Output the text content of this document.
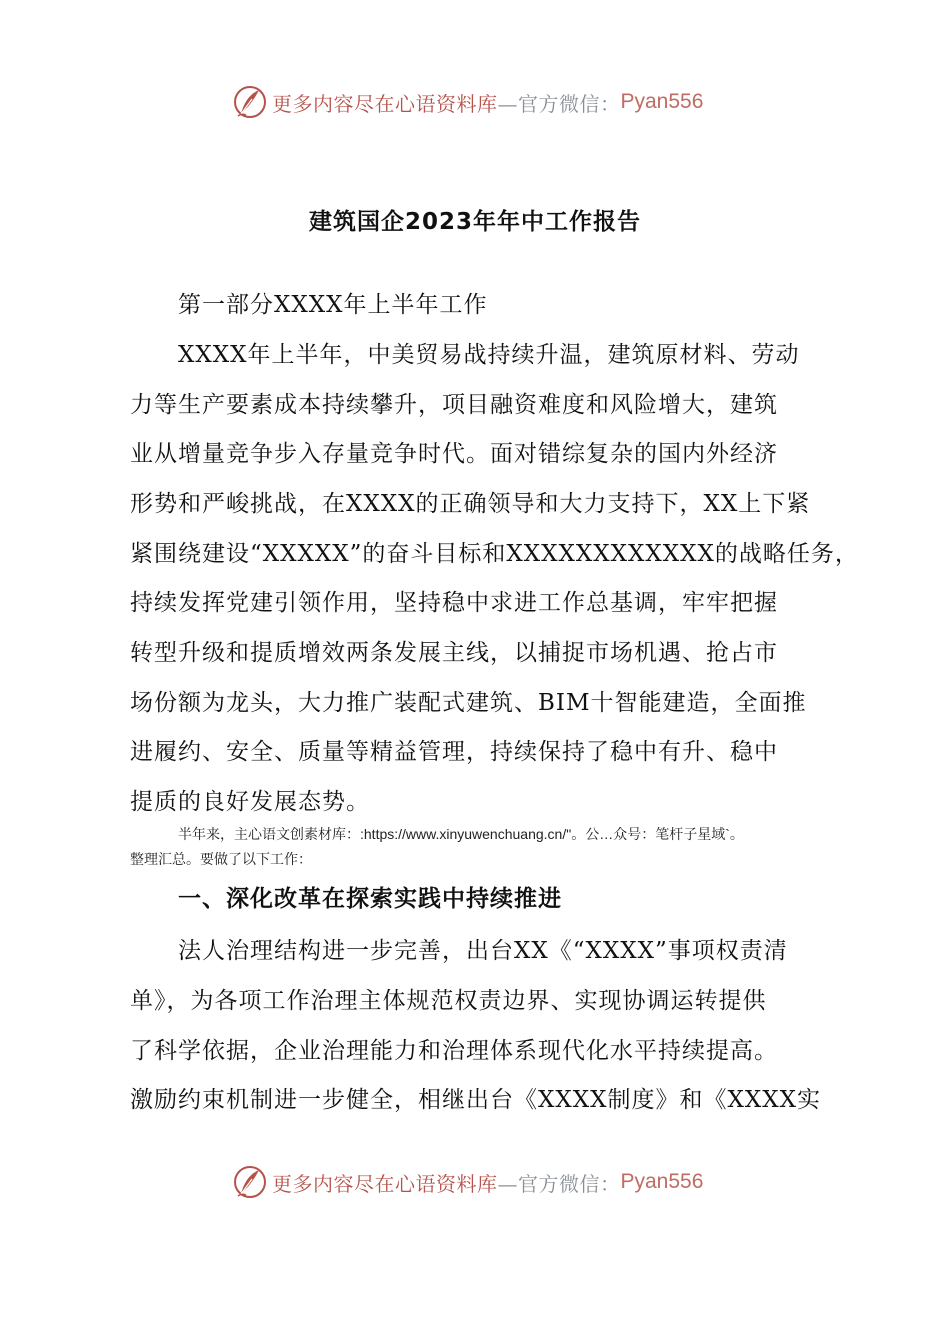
更多内容尽在心语资料库 —官方微信： Pyan556
建筑国企2023年年中工作报告
第一部分XXXX年上半年工作
XXXX年上半年，中美贸易战持续升温，建筑原材料、劳动
力等生产要素成本持续攀升，项目融资难度和风险增大，建筑
业从增量竞争步入存量竞争时代。面对错综复杂的国内外经济
形势和严峻挑战，在XXXX的正确领导和大力支持下，XX上下紧
紧围绕建设“XXXXX”的奋斗目标和XXXXXXXXXXXX的战略任务，
持续发挥党建引领作用，坚持稳中求进工作总基调，牢牢把握
转型升级和提质增效两条发展主线，以捕捉市场机遇、抢占市
场份额为龙头，大力推广装配式建筑、BIM十智能建造，全面推
进履约、安全、质量等精益管理，持续保持了稳中有升、稳中
提质的良好发展态势。
半年来，主心语文创素材库：:https://www.xinyuwenchuang.cn/"。公…众号：笔杆子星域`。
整理汇总。要做了以下工作：
一、深化改革在探索实践中持续推进
法人治理结构进一步完善，出台XX《“XXXX”事项权责清
单》，为各项工作治理主体规范权责边界、实现协调运转提供
了科学依据，企业治理能力和治理体系现代化水平持续提高。
激励约束机制进一步健全，相继出台《XXXX制度》和《XXXX实
更多内容尽在心语资料库 —官方微信： Pyan556
